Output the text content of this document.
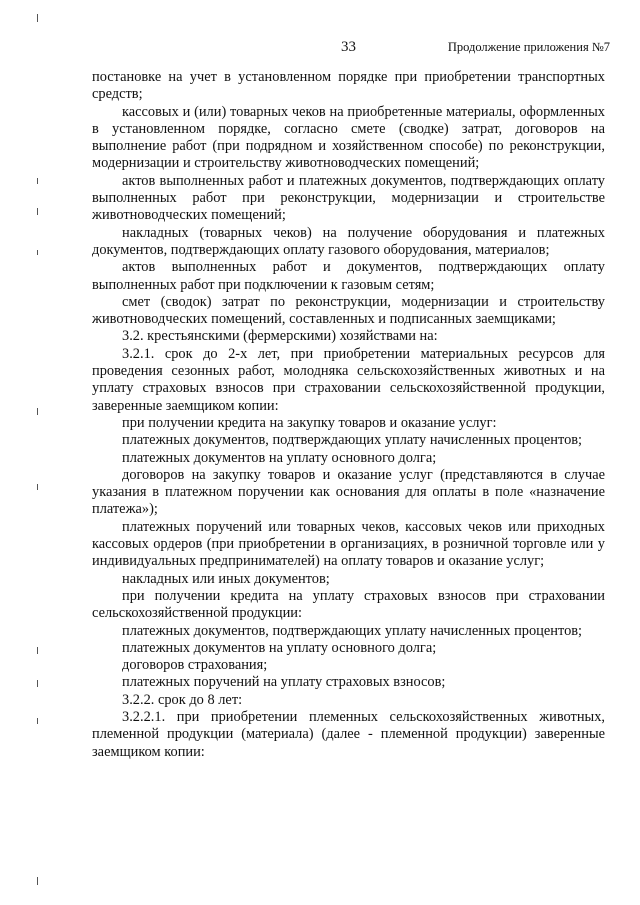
33	Продолжение приложения №7

постановке на учет в установленном порядке при приобретении транспортных средств;

кассовых и (или) товарных чеков на приобретенные материалы, оформленных в установленном порядке, согласно смете (сводке) затрат, договоров на выполнение работ (при подрядном и хозяйственном способе) по реконструкции, модернизации и строительству животноводческих помещений;

актов выполненных работ и платежных документов, подтверждающих оплату выполненных работ при реконструкции, модернизации и строительстве животноводческих помещений;

накладных (товарных чеков) на получение оборудования и платежных документов, подтверждающих оплату газового оборудования, материалов;

актов выполненных работ и документов, подтверждающих оплату выполненных работ при подключении к газовым сетям;

смет (сводок) затрат по реконструкции, модернизации и строительству животноводческих помещений, составленных и подписанных заемщиками;

3.2. крестьянскими (фермерскими) хозяйствами на:

3.2.1. срок до 2-х лет, при приобретении материальных ресурсов для проведения сезонных работ, молодняка сельскохозяйственных животных и на уплату страховых взносов при страховании сельскохозяйственной продукции, заверенные заемщиком копии:

при получении кредита на закупку товаров и оказание услуг:

платежных документов, подтверждающих уплату начисленных процентов;

платежных документов на уплату основного долга;

договоров на закупку товаров и оказание услуг (представляются в случае указания в платежном поручении как основания для оплаты в поле «назначение платежа»);

платежных поручений или товарных чеков, кассовых чеков или приходных кассовых ордеров (при приобретении в организациях, в розничной торговле или у индивидуальных предпринимателей) на оплату товаров и оказание услуг;

накладных или иных документов;

при получении кредита на уплату страховых взносов при страховании сельскохозяйственной продукции:

платежных документов, подтверждающих уплату начисленных процентов;

платежных документов на уплату основного долга;

договоров страхования;

платежных поручений на уплату страховых взносов;

3.2.2. срок до 8 лет:

3.2.2.1. при приобретении племенных сельскохозяйственных животных, племенной продукции (материала) (далее - племенной продукции) заверенные заемщиком копии:
